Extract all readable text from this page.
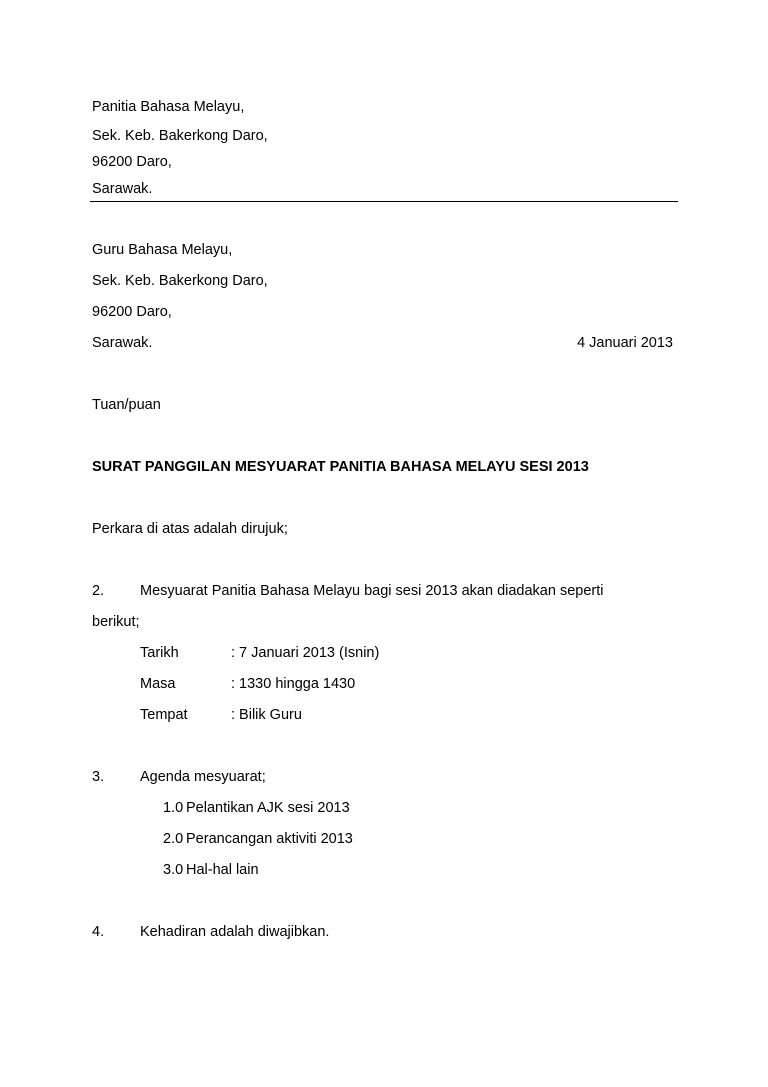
Panitia Bahasa Melayu,
Sek. Keb. Bakerkong Daro,
96200 Daro,
Sarawak.
Guru Bahasa Melayu,
Sek. Keb. Bakerkong Daro,
96200 Daro,
Sarawak.	4 Januari 2013
Tuan/puan
SURAT PANGGILAN MESYUARAT PANITIA BAHASA MELAYU SESI 2013
Perkara di atas adalah dirujuk;
2. Mesyuarat Panitia Bahasa Melayu bagi sesi 2013 akan diadakan seperti
berikut;
Tarikh	: 7 Januari 2013 (Isnin)
Masa	: 1330 hingga 1430
Tempat	: Bilik Guru
3. Agenda mesyuarat;
1.0 Pelantikan AJK sesi 2013
2.0 Perancangan aktiviti 2013
3.0 Hal-hal lain
4. Kehadiran adalah diwajibkan.
